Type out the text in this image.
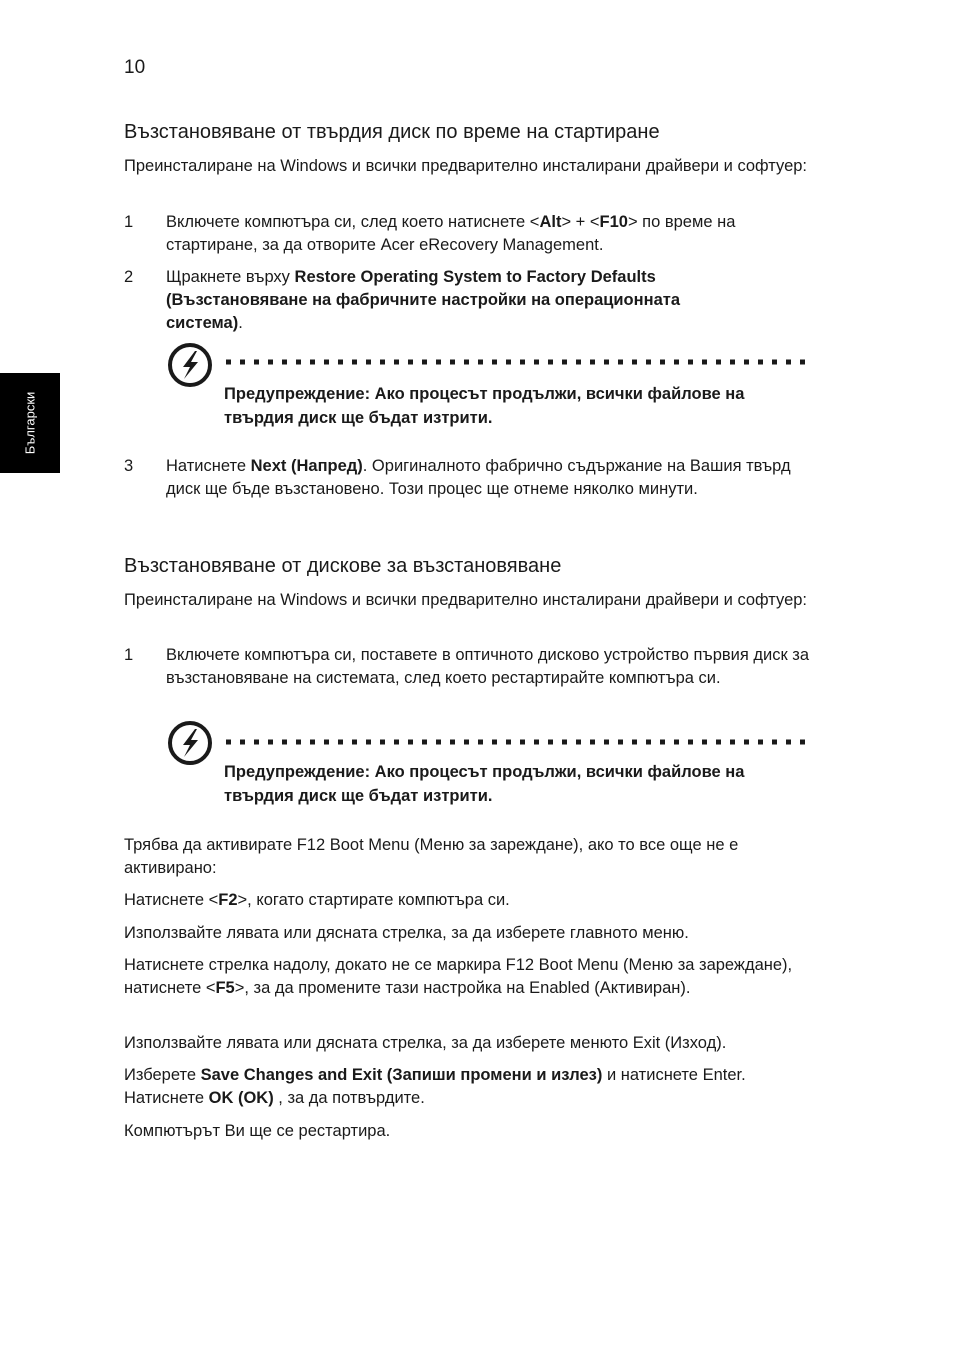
10
Български
Възстановяване от твърдия диск по време на стартиране
Преинсталиране на Windows и всички предварително инсталирани драйвери и софтуер:
1 Включете компютъра си, след което натиснете <Alt> + <F10> по време на стартиране, за да отворите Acer eRecovery Management.
2 Щракнете върху Restore Operating System to Factory Defaults (Възстановяване на фабричните настройки на операционната система).
Предупреждение: Ако процесът продължи, всички файлове на твърдия диск ще бъдат изтрити.
3 Натиснете Next (Напред). Оригиналното фабрично съдържание на Вашия твърд диск ще бъде възстановено. Този процес ще отнеме няколко минути.
Възстановяване от дискове за възстановяване
Преинсталиране на Windows и всички предварително инсталирани драйвери и софтуер:
1 Включете компютъра си, поставете в оптичното дисково устройство първия диск за възстановяване на системата, след което рестартирайте компютъра си.
Предупреждение: Ако процесът продължи, всички файлове на твърдия диск ще бъдат изтрити.
Трябва да активирате F12 Boot Menu (Меню за зареждане), ако то все още не е активирано:
Натиснете <F2>, когато стартирате компютъра си.
Използвайте лявата или дясната стрелка, за да изберете главното меню.
Натиснете стрелка надолу, докато не се маркира F12 Boot Menu (Меню за зареждане), натиснете <F5>, за да промените тази настройка на Enabled (Активиран).
Използвайте лявата или дясната стрелка, за да изберете менюто Exit (Изход).
Изберете Save Changes and Exit (Запиши промени и излез) и натиснете Enter. Натиснете OK (OK) , за да потвърдите.
Компютърът Ви ще се рестартира.
